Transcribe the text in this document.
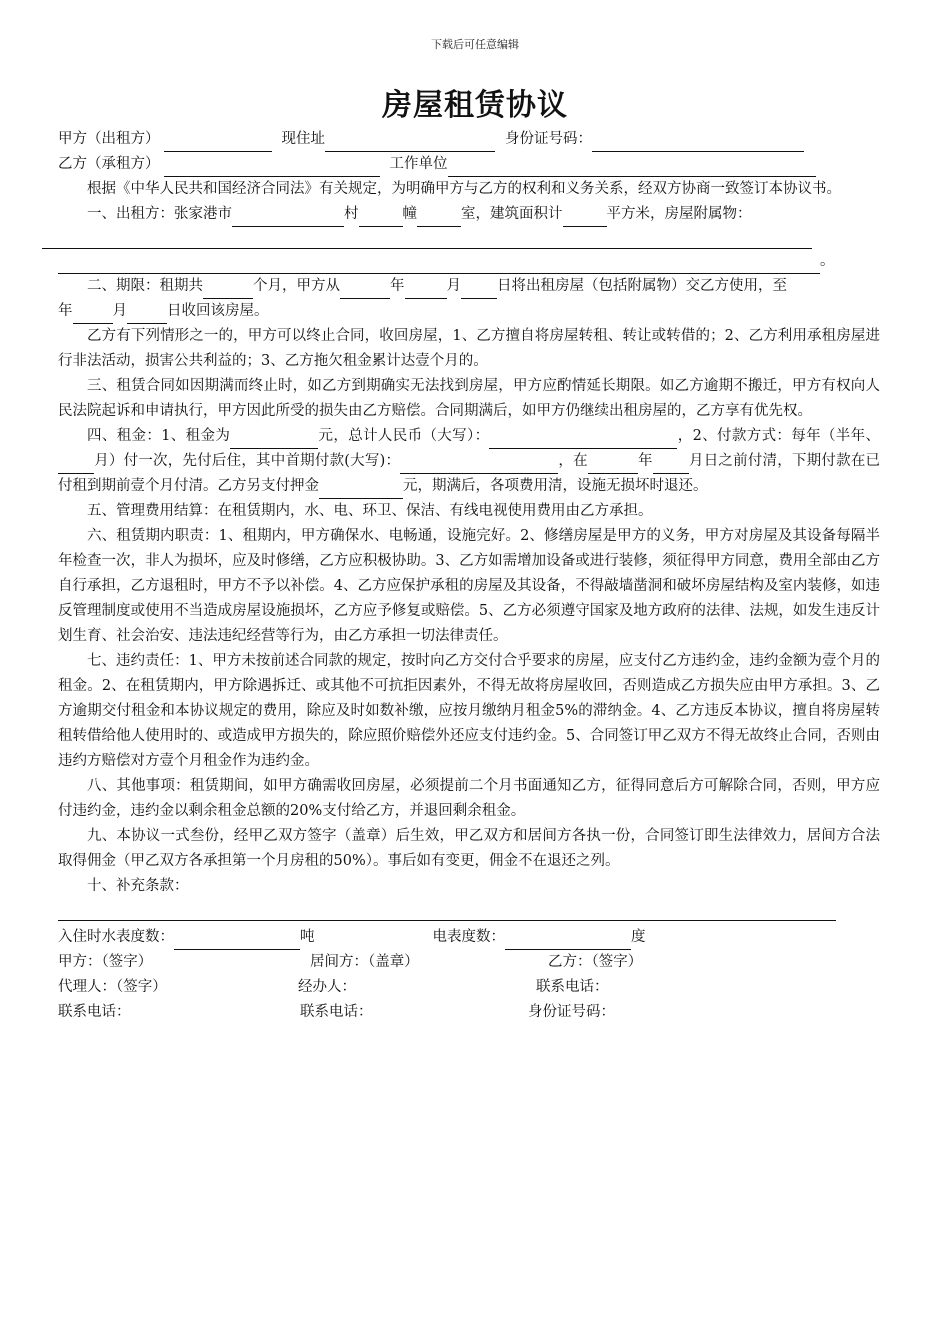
下载后可任意编辑
房屋租赁协议
甲方（出租方）	现住址	身份证号码：
乙方（承租方）	工作单位

根据《中华人民共和国经济合同法》有关规定，为明确甲方与乙方的权利和义务关系，经双方协商一致签订本协议书。

一、出租方：张家港市	村	幢	室，建筑面积计	平方米，房屋附属物：
。
二、期限：租期共	个月，甲方从	年	月 日将出租房屋（包括附属物）交乙方使用，至
年	月	日收回该房屋。

乙方有下列情形之一的，甲方可以终止合同，收回房屋，1、乙方擅自将房屋转租、转让或转借的；2、乙方利用承租房屋进行非法活动，损害公共利益的；3、乙方拖欠租金累计达壹个月的。

三、租赁合同如因期满而终止时，如乙方到期确实无法找到房屋，甲方应酌情延长期限。如乙方逾期不搬迁，甲方有权向人民法院起诉和申请执行，甲方因此所受的损失由乙方赔偿。合同期满后，如甲方仍继续出租房屋的，乙方享有优先权。

四、租金：1、租金为	元，总计人民币（大写）：	，2、付款方式：每年（半年、月）付一次，先付后住，其中首期付款(大写)：	，在	年 月日之前付清，下期付款在已付租到期前壹个月付清。乙方另支付押金	元，期满后，各项费用清，设施无损坏时退还。

五、管理费用结算：在租赁期内，水、电、环卫、保洁、有线电视使用费用由乙方承担。

六、租赁期内职责：1、租期内，甲方确保水、电畅通，设施完好。2、修缮房屋是甲方的义务，甲方对房屋及其设备每隔半年检查一次，非人为损坏，应及时修缮，乙方应积极协助。3、乙方如需增加设备或进行装修，须征得甲方同意，费用全部由乙方自行承担，乙方退租时，甲方不予以补偿。4、乙方应保护承租的房屋及其设备，不得敲墙凿洞和破坏房屋结构及室内装修，如违反管理制度或使用不当造成房屋设施损坏，乙方应予修复或赔偿。5、乙方必须遵守国家及地方政府的法律、法规，如发生违反计划生育、社会治安、违法违纪经营等行为，由乙方承担一切法律责任。

七、违约责任：1、甲方未按前述合同款的规定，按时向乙方交付合乎要求的房屋，应支付乙方违约金，违约金额为壹个月的租金。2、在租赁期内，甲方除遇拆迁、或其他不可抗拒因素外，不得无故将房屋收回，否则造成乙方损失应由甲方承担。3、乙方逾期交付租金和本协议规定的费用，除应及时如数补缴，应按月缴纳月租金5%的滞纳金。4、乙方违反本协议，擅自将房屋转租转借给他人使用时的、或造成甲方损失的，除应照价赔偿外还应支付违约金。5、合同签订甲乙双方不得无故终止合同，否则由违约方赔偿对方壹个月租金作为违约金。

八、其他事项：租赁期间，如甲方确需收回房屋，必须提前二个月书面通知乙方，征得同意后方可解除合同，否则，甲方应付违约金，违约金以剩余租金总额的20%支付给乙方，并退回剩余租金。

九、本协议一式叁份，经甲乙双方签字（盖章）后生效，甲乙双方和居间方各执一份，合同签订即生法律效力，居间方合法取得佣金（甲乙双方各承担第一个月房租的50%）。事后如有变更，佣金不在退还之列。

十、补充条款：

入住时水表度数：	吨	电表度数：	度
甲方：（签字）	居间方：（盖章）	乙方：（签字）
代理人：（签字）	经办人：	联系电话：
联系电话：	联系电话：	身份证号码：
